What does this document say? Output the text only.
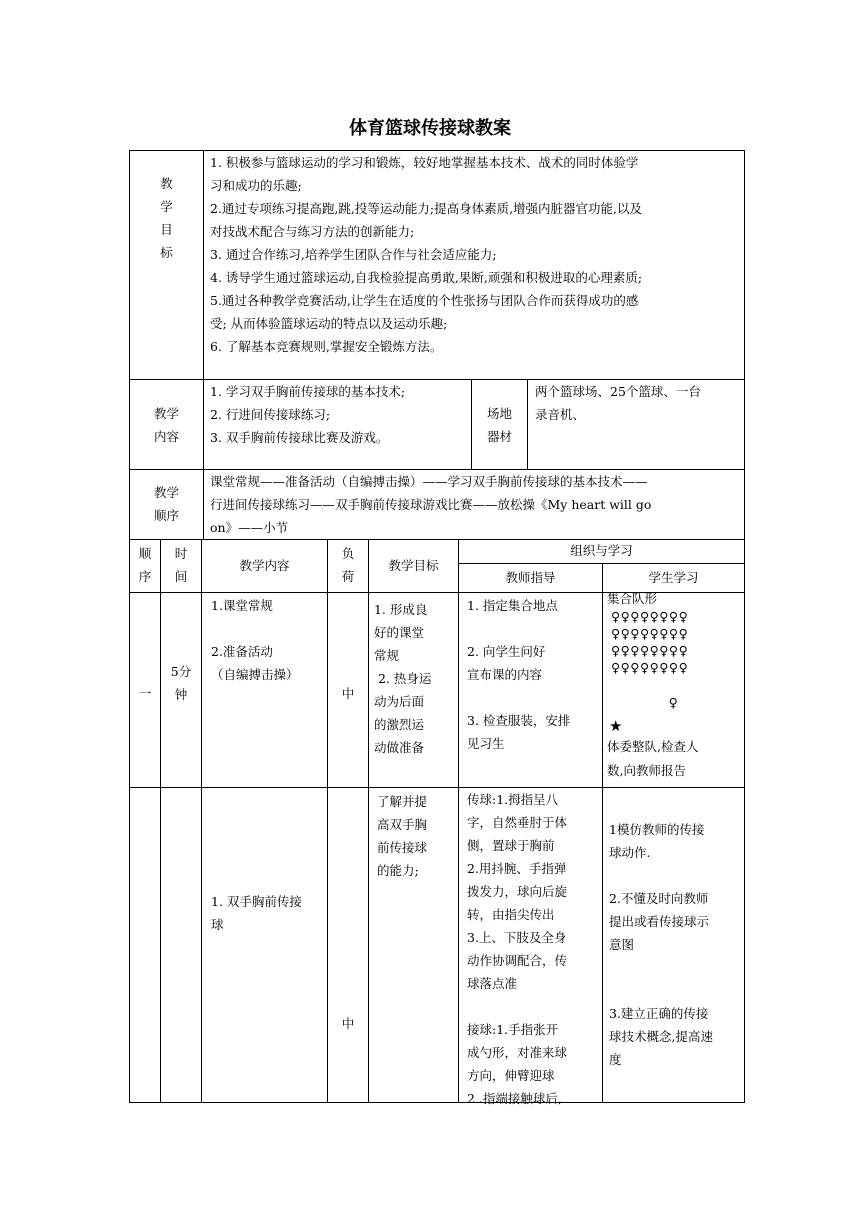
体育篮球传接球教案
教
学
目
标
1. 积极参与篮球运动的学习和锻炼，较好地掌握基本技术、战术的同时体验学
习和成功的乐趣;
2.通过专项练习提高跑,跳,投等运动能力;提高身体素质,增强内脏器官功能,以及
对技战术配合与练习方法的创新能力;
3. 通过合作练习,培养学生团队合作与社会适应能力;
4. 诱导学生通过篮球运动,自我检验提高勇敢,果断,顽强和积极进取的心理素质;
5.通过各种教学竞赛活动,让学生在适度的个性张扬与团队合作而获得成功的感
受; 从而体验篮球运动的特点以及运动乐趣;
6. 了解基本竞赛规则,掌握安全锻炼方法。
教学
内容
1. 学习双手胸前传接球的基本技术;
2. 行进间传接球练习;
3. 双手胸前传接球比赛及游戏。
场地
器材
两个篮球场、25个篮球、一台
录音机、
教学
顺序
课堂常规——准备活动（自编搏击操）——学习双手胸前传接球的基本技术——
行进间传接球练习——双手胸前传接球游戏比赛——放松操《My heart will go
on》——小节
顺
序
时
间
教学内容
负
荷
教学目标
组织与学习
教师指导	学生学习
一
5分
钟
1.课堂常规

2.准备活动
（自编搏击操）
中
1. 形成良
好的课堂
常规
2. 热身运
动为后面
的激烈运
动做准备
1. 指定集合地点

2. 向学生问好
宣布课的内容

3. 检查服装，安排
见习生
集合队形
♀♀♀♀♀♀♀♀
♀♀♀♀♀♀♀♀
♀♀♀♀♀♀♀♀
♀♀♀♀♀♀♀♀
♀
★
体委整队,检查人
数,向教师报告
1. 双手胸前传接
球
中
了解并提
高双手胸
前传接球
的能力;
传球:1.拇指呈八
字，自然垂肘于体
侧，置球于胸前
2.用抖腕、手指弹
拨发力，球向后旋
转，由指尖传出
3.上、下肢及全身
动作协调配合，传
球落点准

接球:1.手指张开
成勺形，对准来球
方向，伸臂迎球
2 .指端接触球后,

1模仿教师的传接
球动作.

2.不懂及时向教师
提出或看传接球示
意图

3.建立正确的传接
球技术概念,提高速
度
